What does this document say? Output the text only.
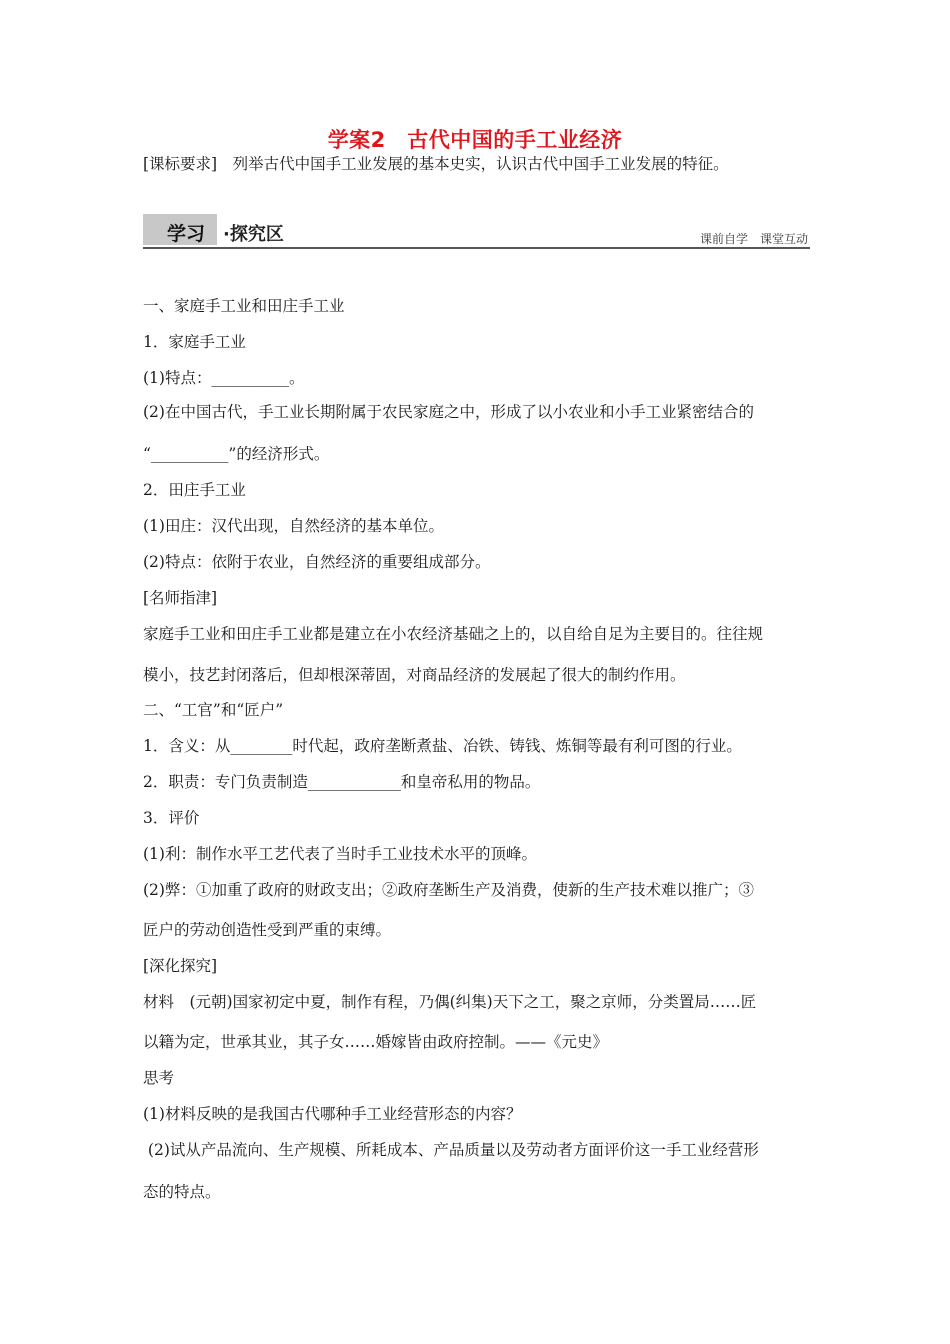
学案2　古代中国的手工业经济
[课标要求]　列举古代中国手工业发展的基本史实，认识古代中国手工业发展的特征。
学习 ·探究区	课前自学　课堂互动
一、家庭手工业和田庄手工业
1．家庭手工业
(1)特点：__________。
(2)在中国古代，手工业长期附属于农民家庭之中，形成了以小农业和小手工业紧密结合的
“__________”的经济形式。
2．田庄手工业
(1)田庄：汉代出现，自然经济的基本单位。
(2)特点：依附于农业，自然经济的重要组成部分。
[名师指津]
家庭手工业和田庄手工业都是建立在小农经济基础之上的，以自给自足为主要目的。往往规
模小，技艺封闭落后，但却根深蒂固，对商品经济的发展起了很大的制约作用。
二、“工官”和“匠户”
1．含义：从________时代起，政府垄断煮盐、冶铁、铸钱、炼铜等最有利可图的行业。
2．职责：专门负责制造____________和皇帝私用的物品。
3．评价
(1)利：制作水平工艺代表了当时手工业技术水平的顶峰。
(2)弊：①加重了政府的财政支出；②政府垄断生产及消费，使新的生产技术难以推广；③
匠户的劳动创造性受到严重的束缚。
[深化探究]
材料　(元朝)国家初定中夏，制作有程，乃偶(纠集)天下之工，聚之京师，分类置局……匠
以籍为定，世承其业，其子女……婚嫁皆由政府控制。——《元史》
思考
(1)材料反映的是我国古代哪种手工业经营形态的内容？
(2)试从产品流向、生产规模、所耗成本、产品质量以及劳动者方面评价这一手工业经营形
态的特点。
